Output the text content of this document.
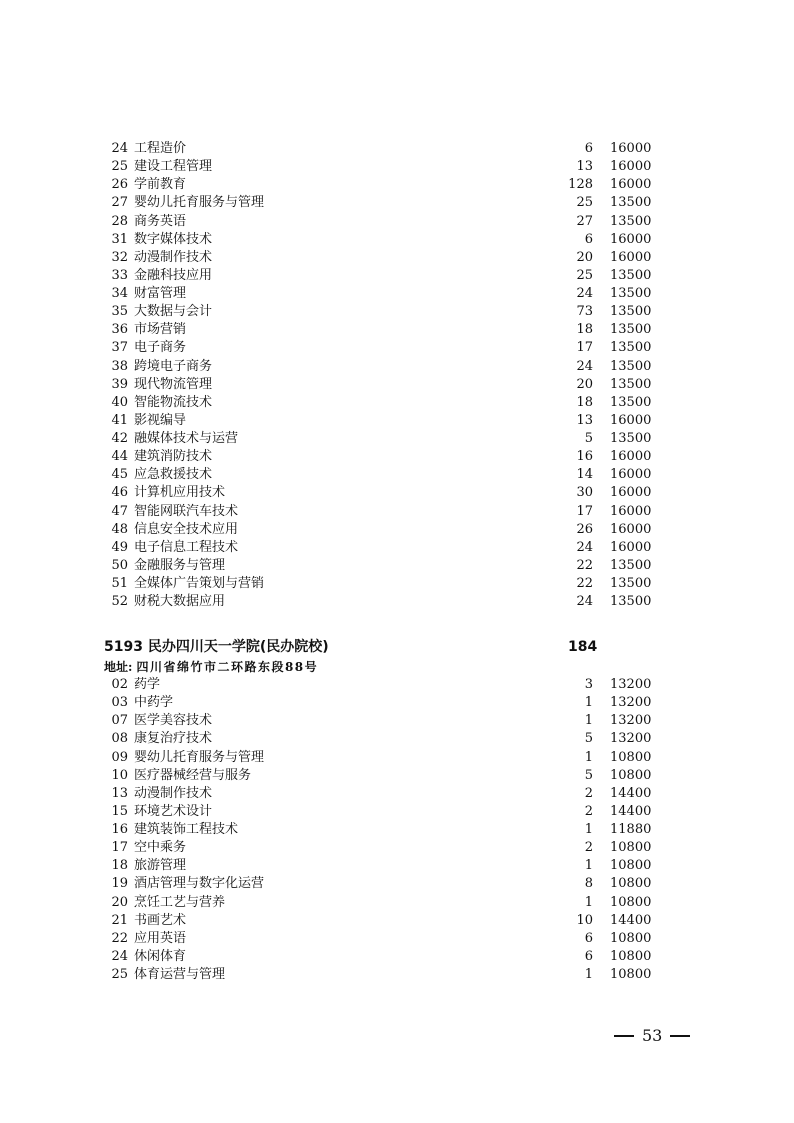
24 工程造价	6 16000
25 建设工程管理	13 16000
26 学前教育	128 16000
27 婴幼儿托育服务与管理	25 13500
28 商务英语	27 13500
31 数字媒体技术	6 16000
32 动漫制作技术	20 16000
33 金融科技应用	25 13500
34 财富管理	24 13500
35 大数据与会计	73 13500
36 市场营销	18 13500
37 电子商务	17 13500
38 跨境电子商务	24 13500
39 现代物流管理	20 13500
40 智能物流技术	18 13500
41 影视编导	13 16000
42 融媒体技术与运营	5 13500
44 建筑消防技术	16 16000
45 应急救援技术	14 16000
46 计算机应用技术	30 16000
47 智能网联汽车技术	17 16000
48 信息安全技术应用	26 16000
49 电子信息工程技术	24 16000
50 金融服务与管理	22 13500
51 全媒体广告策划与营销	22 13500
52 财税大数据应用	24 13500
5193 民办四川天一学院(民办院校)	184
地址: 四川省绵竹市二环路东段88号
02 药学	3 13200
03 中药学	1 13200
07 医学美容技术	1 13200
08 康复治疗技术	5 13200
09 婴幼儿托育服务与管理	1 10800
10 医疗器械经营与服务	5 10800
13 动漫制作技术	2 14400
15 环境艺术设计	2 14400
16 建筑装饰工程技术	1 11880
17 空中乘务	2 10800
18 旅游管理	1 10800
19 酒店管理与数字化运营	8 10800
20 烹饪工艺与营养	1 10800
21 书画艺术	10 14400
22 应用英语	6 10800
24 休闲体育	6 10800
25 体育运营与管理	1 10800
53
